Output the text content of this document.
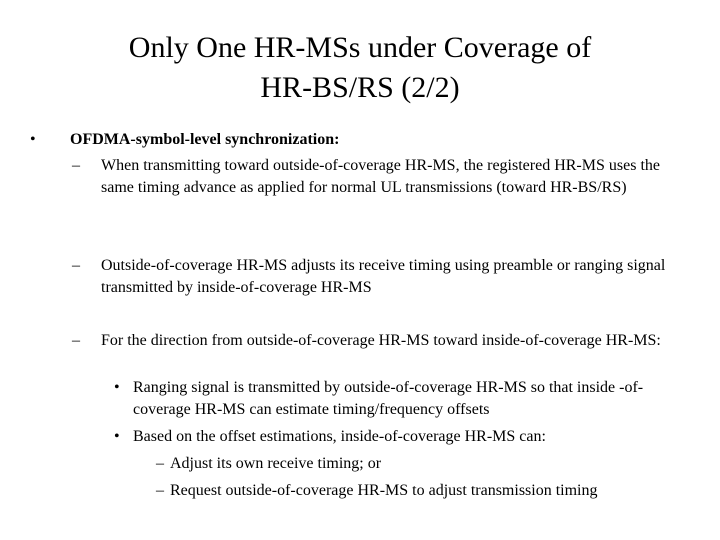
Only One HR-MSs under Coverage of
HR-BS/RS (2/2)
• OFDMA-symbol-level synchronization:
– When transmitting toward outside-of-coverage HR-MS, the registered HR-MS uses the same timing advance as applied for normal UL transmissions (toward HR-BS/RS)
– Outside-of-coverage HR-MS adjusts its receive timing using preamble or ranging signal transmitted by inside-of-coverage HR-MS
– For the direction from outside-of-coverage HR-MS toward inside-of-coverage HR-MS:
• Ranging signal is transmitted by outside-of-coverage HR-MS so that inside -of-coverage HR-MS can estimate timing/frequency offsets
• Based on the offset estimations, inside-of-coverage HR-MS can:
– Adjust its own receive timing; or
– Request outside-of-coverage HR-MS to adjust transmission timing
